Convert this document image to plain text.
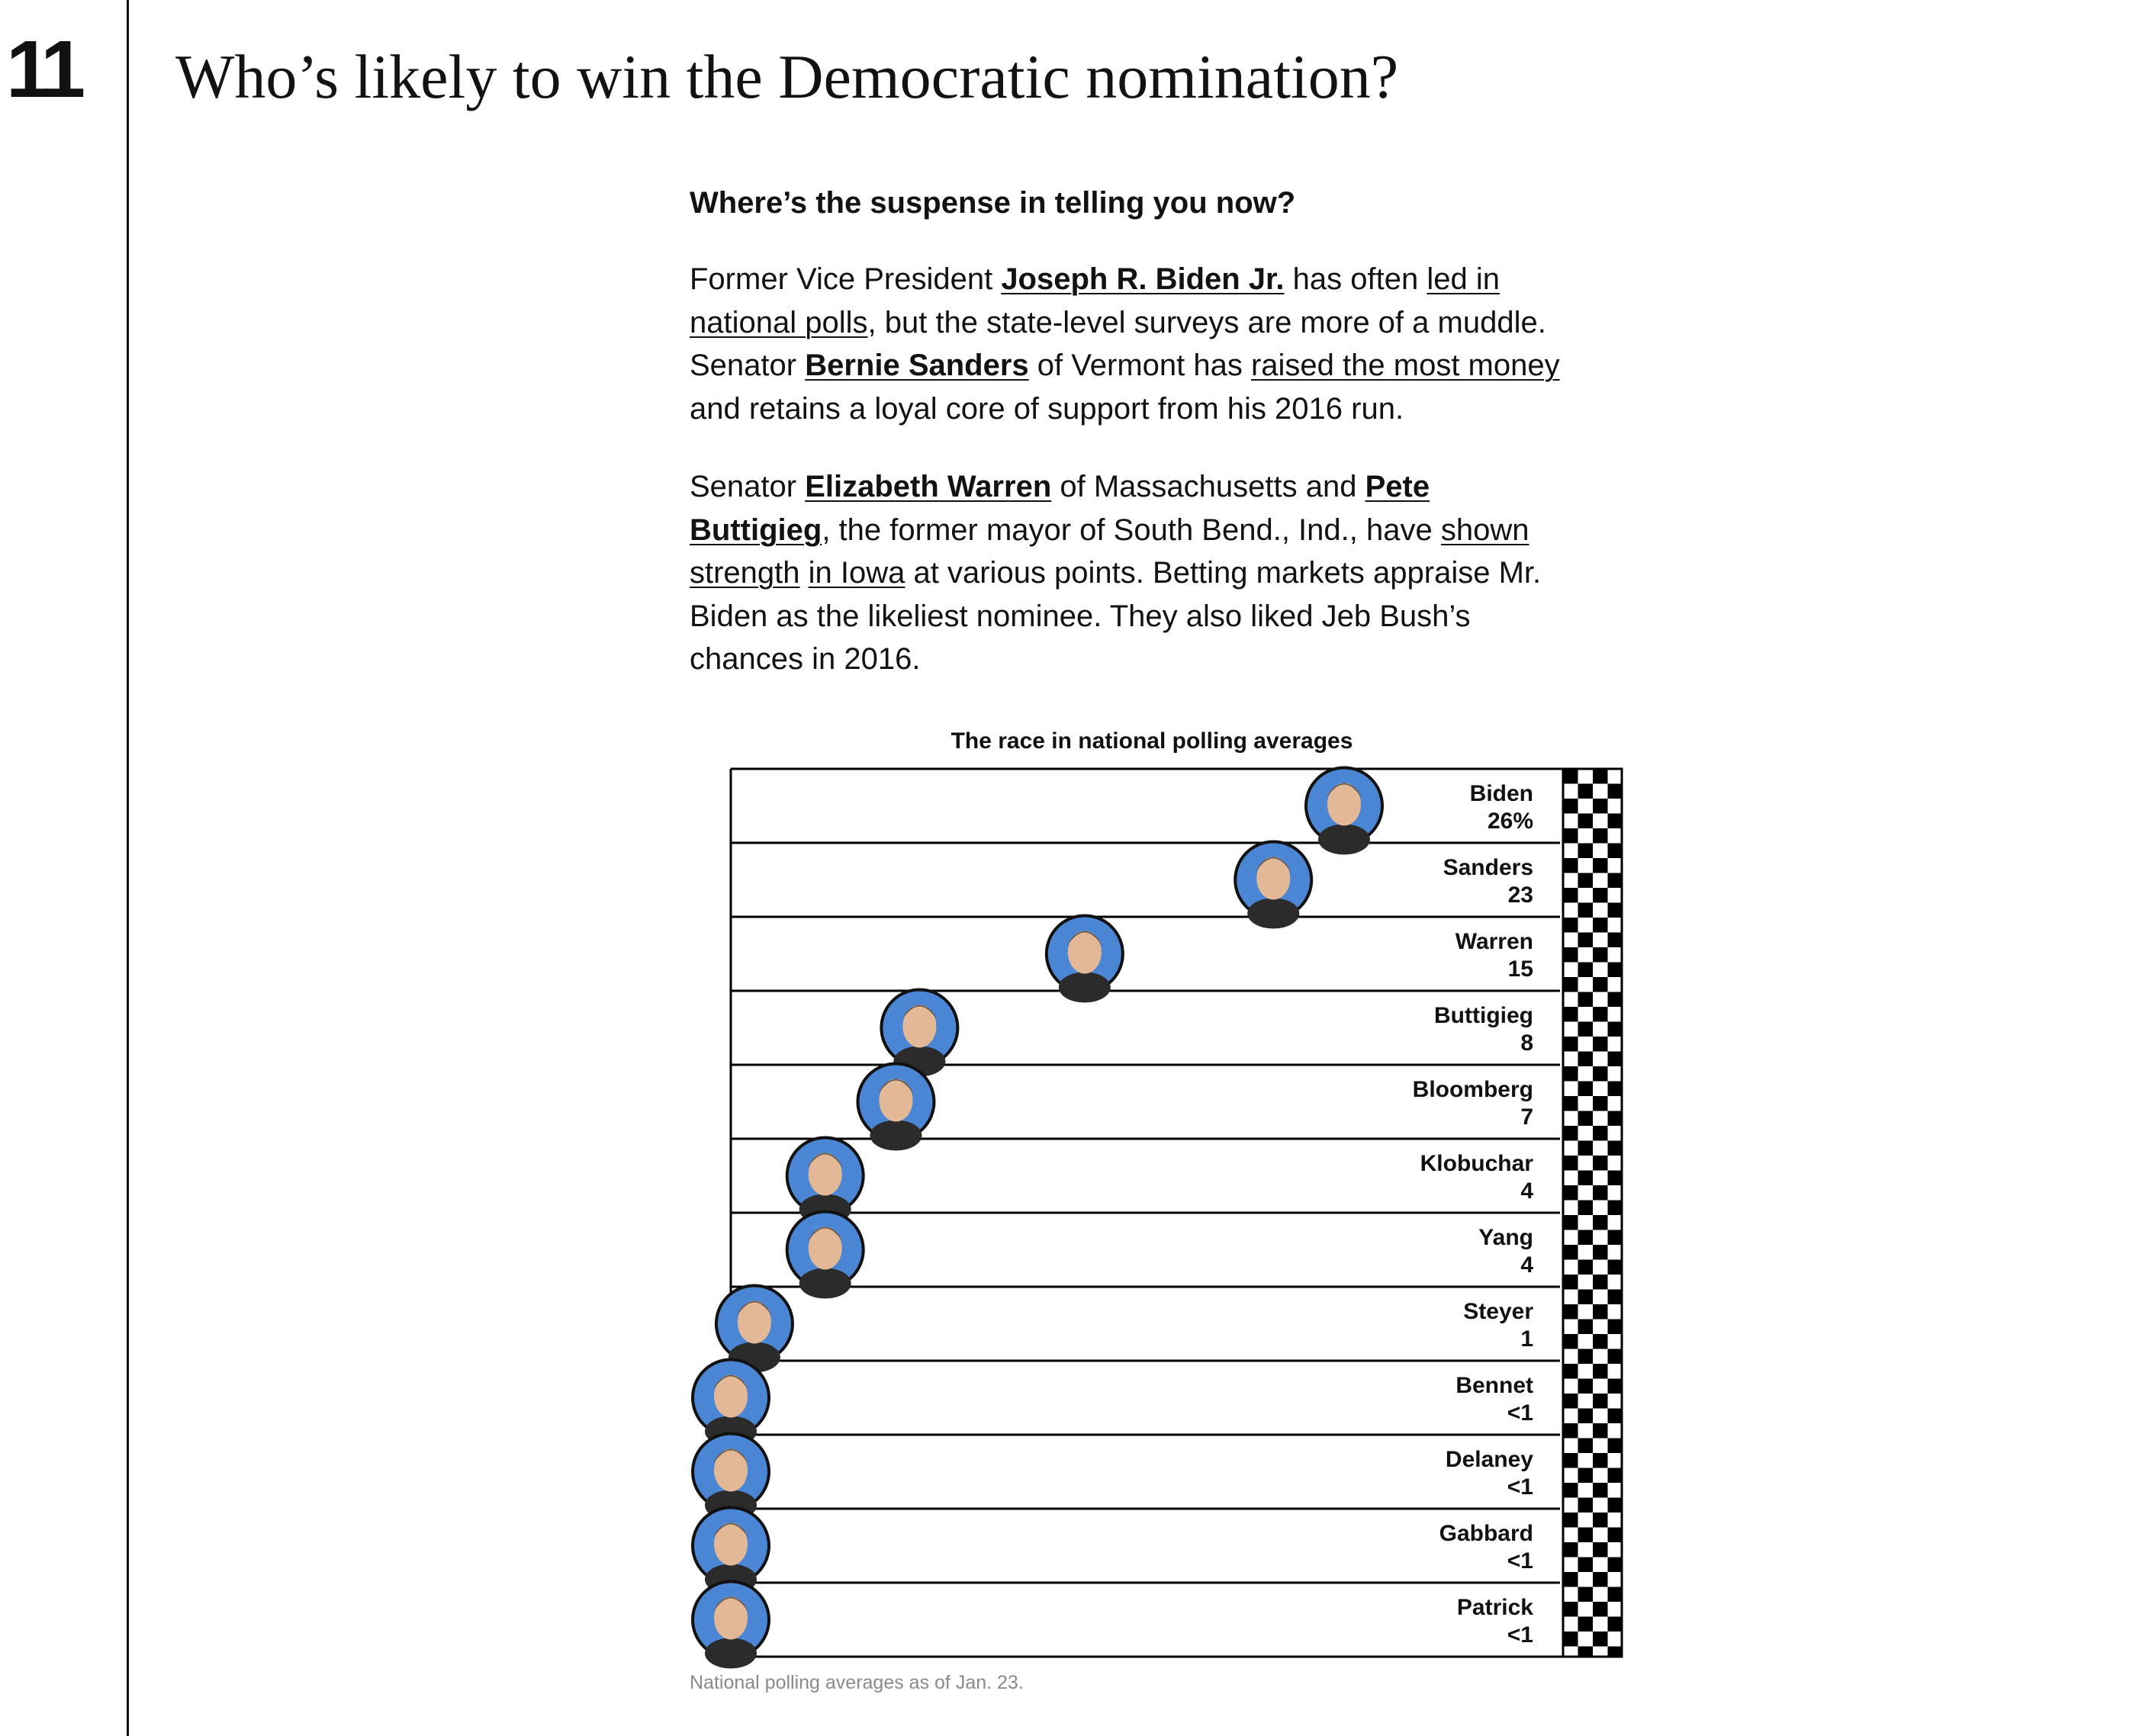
11 Who’s likely to win the Democratic nomination?

Where’s the suspense in telling you now?

Former Vice President Joseph R. Biden Jr. has often led in
national polls, but the state-level surveys are more of a muddle.
Senator Bernie Sanders of Vermont has raised the most money
and retains a loyal core of support from his 2016 run.

Senator Elizabeth Warren of Massachusetts and Pete
Buttigieg, the former mayor of South Bend., Ind., have shown
strength in Iowa at various points. Betting markets appraise Mr.
Biden as the likeliest nominee. They also liked Jeb Bush’s
chances in 2016.

The race in national polling averages
Biden
26%
Sanders
23
Warren
15
Buttigieg
8
Bloomberg
7
Klobuchar
4
Yang
4
Steyer
1
Bennet
<1
Delaney
<1
Gabbard
<1
Patrick
<1
National polling averages as of Jan. 23.
